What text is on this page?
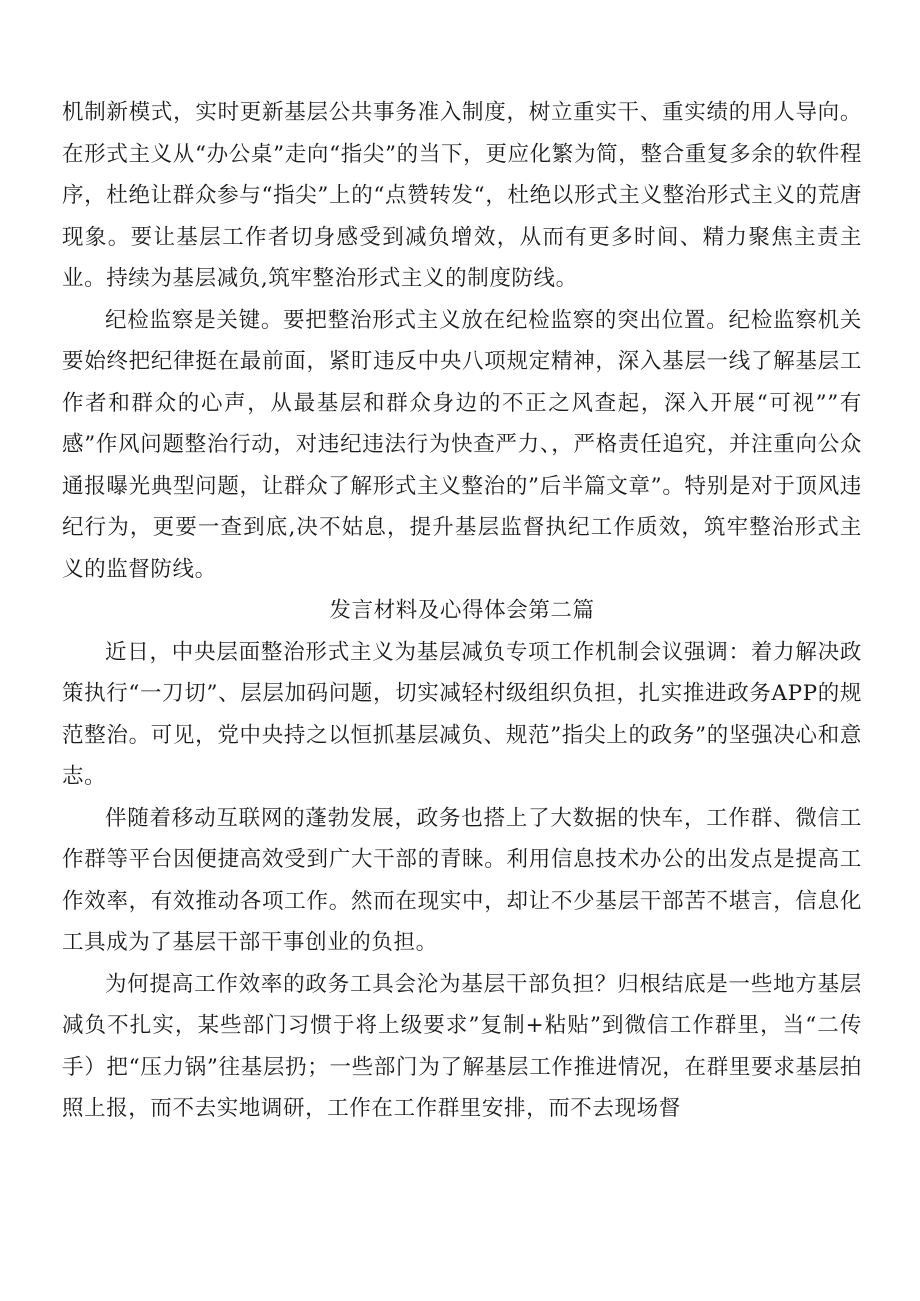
机制新模式，实时更新基层公共事务准入制度，树立重实干、重实绩的用人导向。在形式主义从“办公桌”走向“指尖”的当下，更应化繁为简，整合重复多余的软件程序，杜绝让群众参与“指尖”上的“点赞转发“，杜绝以形式主义整治形式主义的荒唐现象。要让基层工作者切身感受到减负增效，从而有更多时间、精力聚焦主责主业。持续为基层减负,筑牢整治形式主义的制度防线。

纪检监察是关键。要把整治形式主义放在纪检监察的突出位置。纪检监察机关要始终把纪律挺在最前面，紧盯违反中央八项规定精神，深入基层一线了解基层工作者和群众的心声，从最基层和群众身边的不正之风查起，深入开展“可视””有感”作风问题整治行动，对违纪违法行为快查严力、，严格责任追究，并注重向公众通报曝光典型问题，让群众了解形式主义整治的”后半篇文章”。特别是对于顶风违纪行为，更要一查到底,决不姑息，提升基层监督执纪工作质效，筑牢整治形式主义的监督防线。

发言材料及心得体会第二篇

近日，中央层面整治形式主义为基层减负专项工作机制会议强调：着力解决政策执行“一刀切”、层层加码问题，切实减轻村级组织负担，扎实推进政务APP的规范整治。可见，党中央持之以恒抓基层减负、规范”指尖上的政务”的坚强决心和意志。

伴随着移动互联网的蓬勃发展，政务也搭上了大数据的快车，工作群、微信工作群等平台因便捷高效受到广大干部的青睐。利用信息技术办公的出发点是提高工作效率，有效推动各项工作。然而在现实中，却让不少基层干部苦不堪言，信息化工具成为了基层干部干事创业的负担。

为何提高工作效率的政务工具会沦为基层干部负担？归根结底是一些地方基层减负不扎实，某些部门习惯于将上级要求”复制+粘贴”到微信工作群里，当“二传手）把“压力锅”往基层扔；一些部门为了解基层工作推进情况，在群里要求基层拍照上报，而不去实地调研，工作在工作群里安排，而不去现场督
